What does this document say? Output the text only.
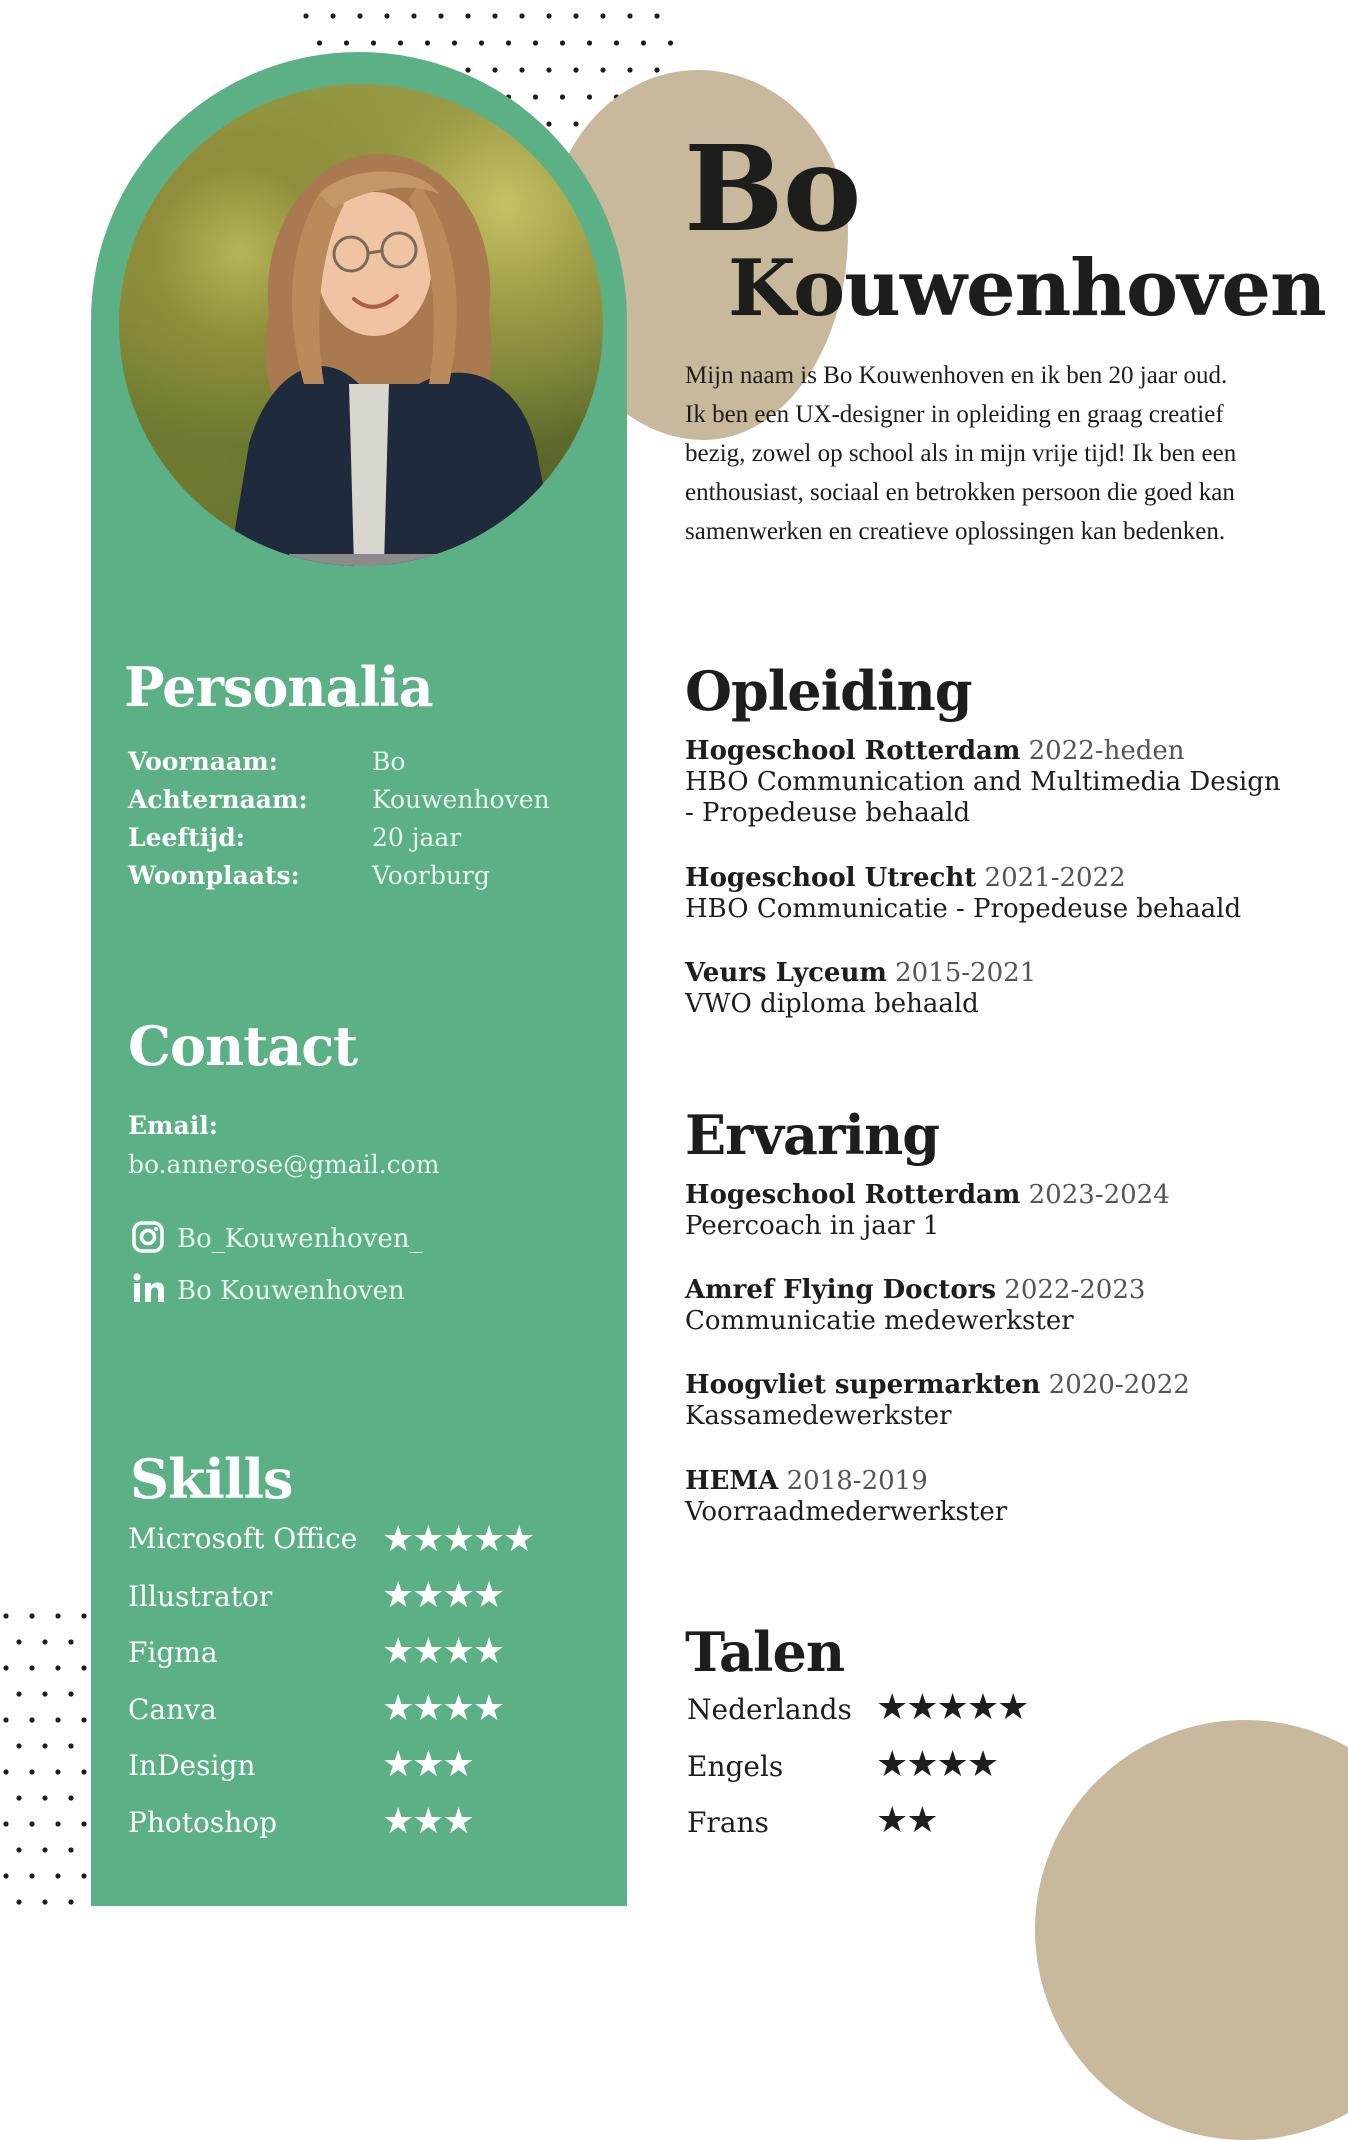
Bo
Kouwenhoven
Mijn naam is Bo Kouwenhoven en ik ben 20 jaar oud.
Ik ben een UX-designer in opleiding en graag creatief
bezig, zowel op school als in mijn vrije tijd! Ik ben een
enthousiast, sociaal en betrokken persoon die goed kan
samenwerken en creatieve oplossingen kan bedenken.
Personalia
Voornaam:	Bo
Achternaam:	Kouwenhoven
Leeftijd:	20 jaar
Woonplaats:	Voorburg
Contact
Email:
bo.annerose@gmail.com
Bo_Kouwenhoven_
Bo Kouwenhoven
Skills
Microsoft Office ★★★★★
Illustrator	★★★★
Figma	★★★★
Canva	★★★★
InDesign	★★★
Photoshop	★★★
Opleiding
Hogeschool Rotterdam 2022-heden
HBO Communication and Multimedia Design
- Propedeuse behaald
Hogeschool Utrecht 2021-2022
HBO Communicatie - Propedeuse behaald
Veurs Lyceum 2015-2021
VWO diploma behaald
Ervaring
Hogeschool Rotterdam 2023-2024
Peercoach in jaar 1
Amref Flying Doctors 2022-2023
Communicatie medewerkster
Hoogvliet supermarkten 2020-2022
Kassamedewerkster
HEMA 2018-2019
Voorraadmederwerkster
Talen
Nederlands ★★★★★
Engels	★★★★
Frans	★★
